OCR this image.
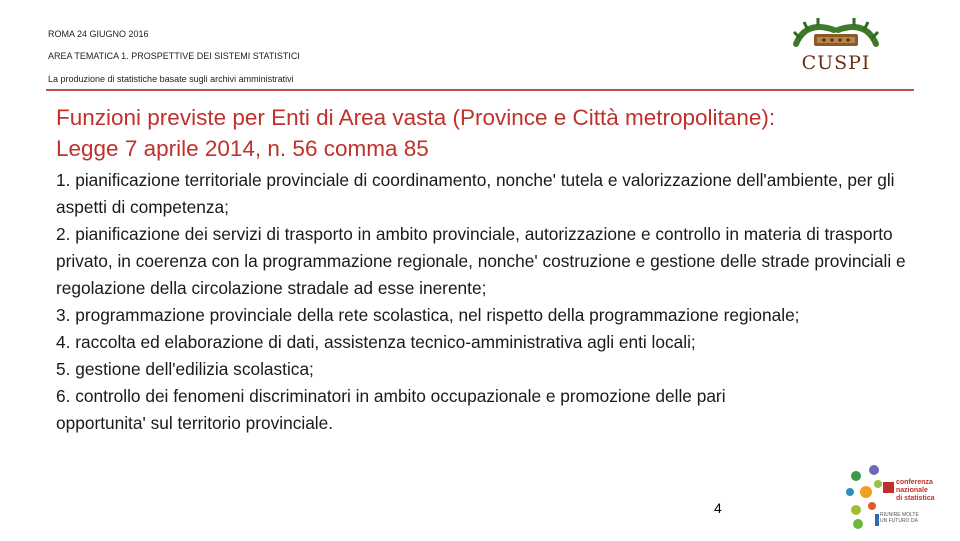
ROMA 24 GIUGNO 2016
AREA TEMATICA 1. PROSPETTIVE DEI SISTEMI STATISTICI
La produzione di statistiche basate sugli archivi amministrativi
CUSPI
Funzioni previste per Enti di Area vasta (Province e Città metropolitane):
Legge 7 aprile 2014, n. 56 comma 85

1. pianificazione territoriale provinciale di coordinamento, nonche' tutela e valorizzazione dell'ambiente, per gli aspetti di competenza;

2. pianificazione dei servizi di trasporto in ambito provinciale, autorizzazione e controllo in materia di trasporto privato, in coerenza con la programmazione regionale, nonche' costruzione e gestione delle strade provinciali e regolazione della circolazione stradale ad esse inerente;

3. programmazione provinciale della rete scolastica, nel rispetto della programmazione regionale;

4. raccolta ed elaborazione di dati, assistenza tecnico-amministrativa agli enti locali;

5. gestione dell'edilizia scolastica;

6. controllo dei fenomeni discriminatori in ambito occupazionale e promozione delle pari opportunita' sul territorio provinciale.

4
conferenza nazionale
di statistica
RIUNIRE MOLTE
UN FUTURO DA
